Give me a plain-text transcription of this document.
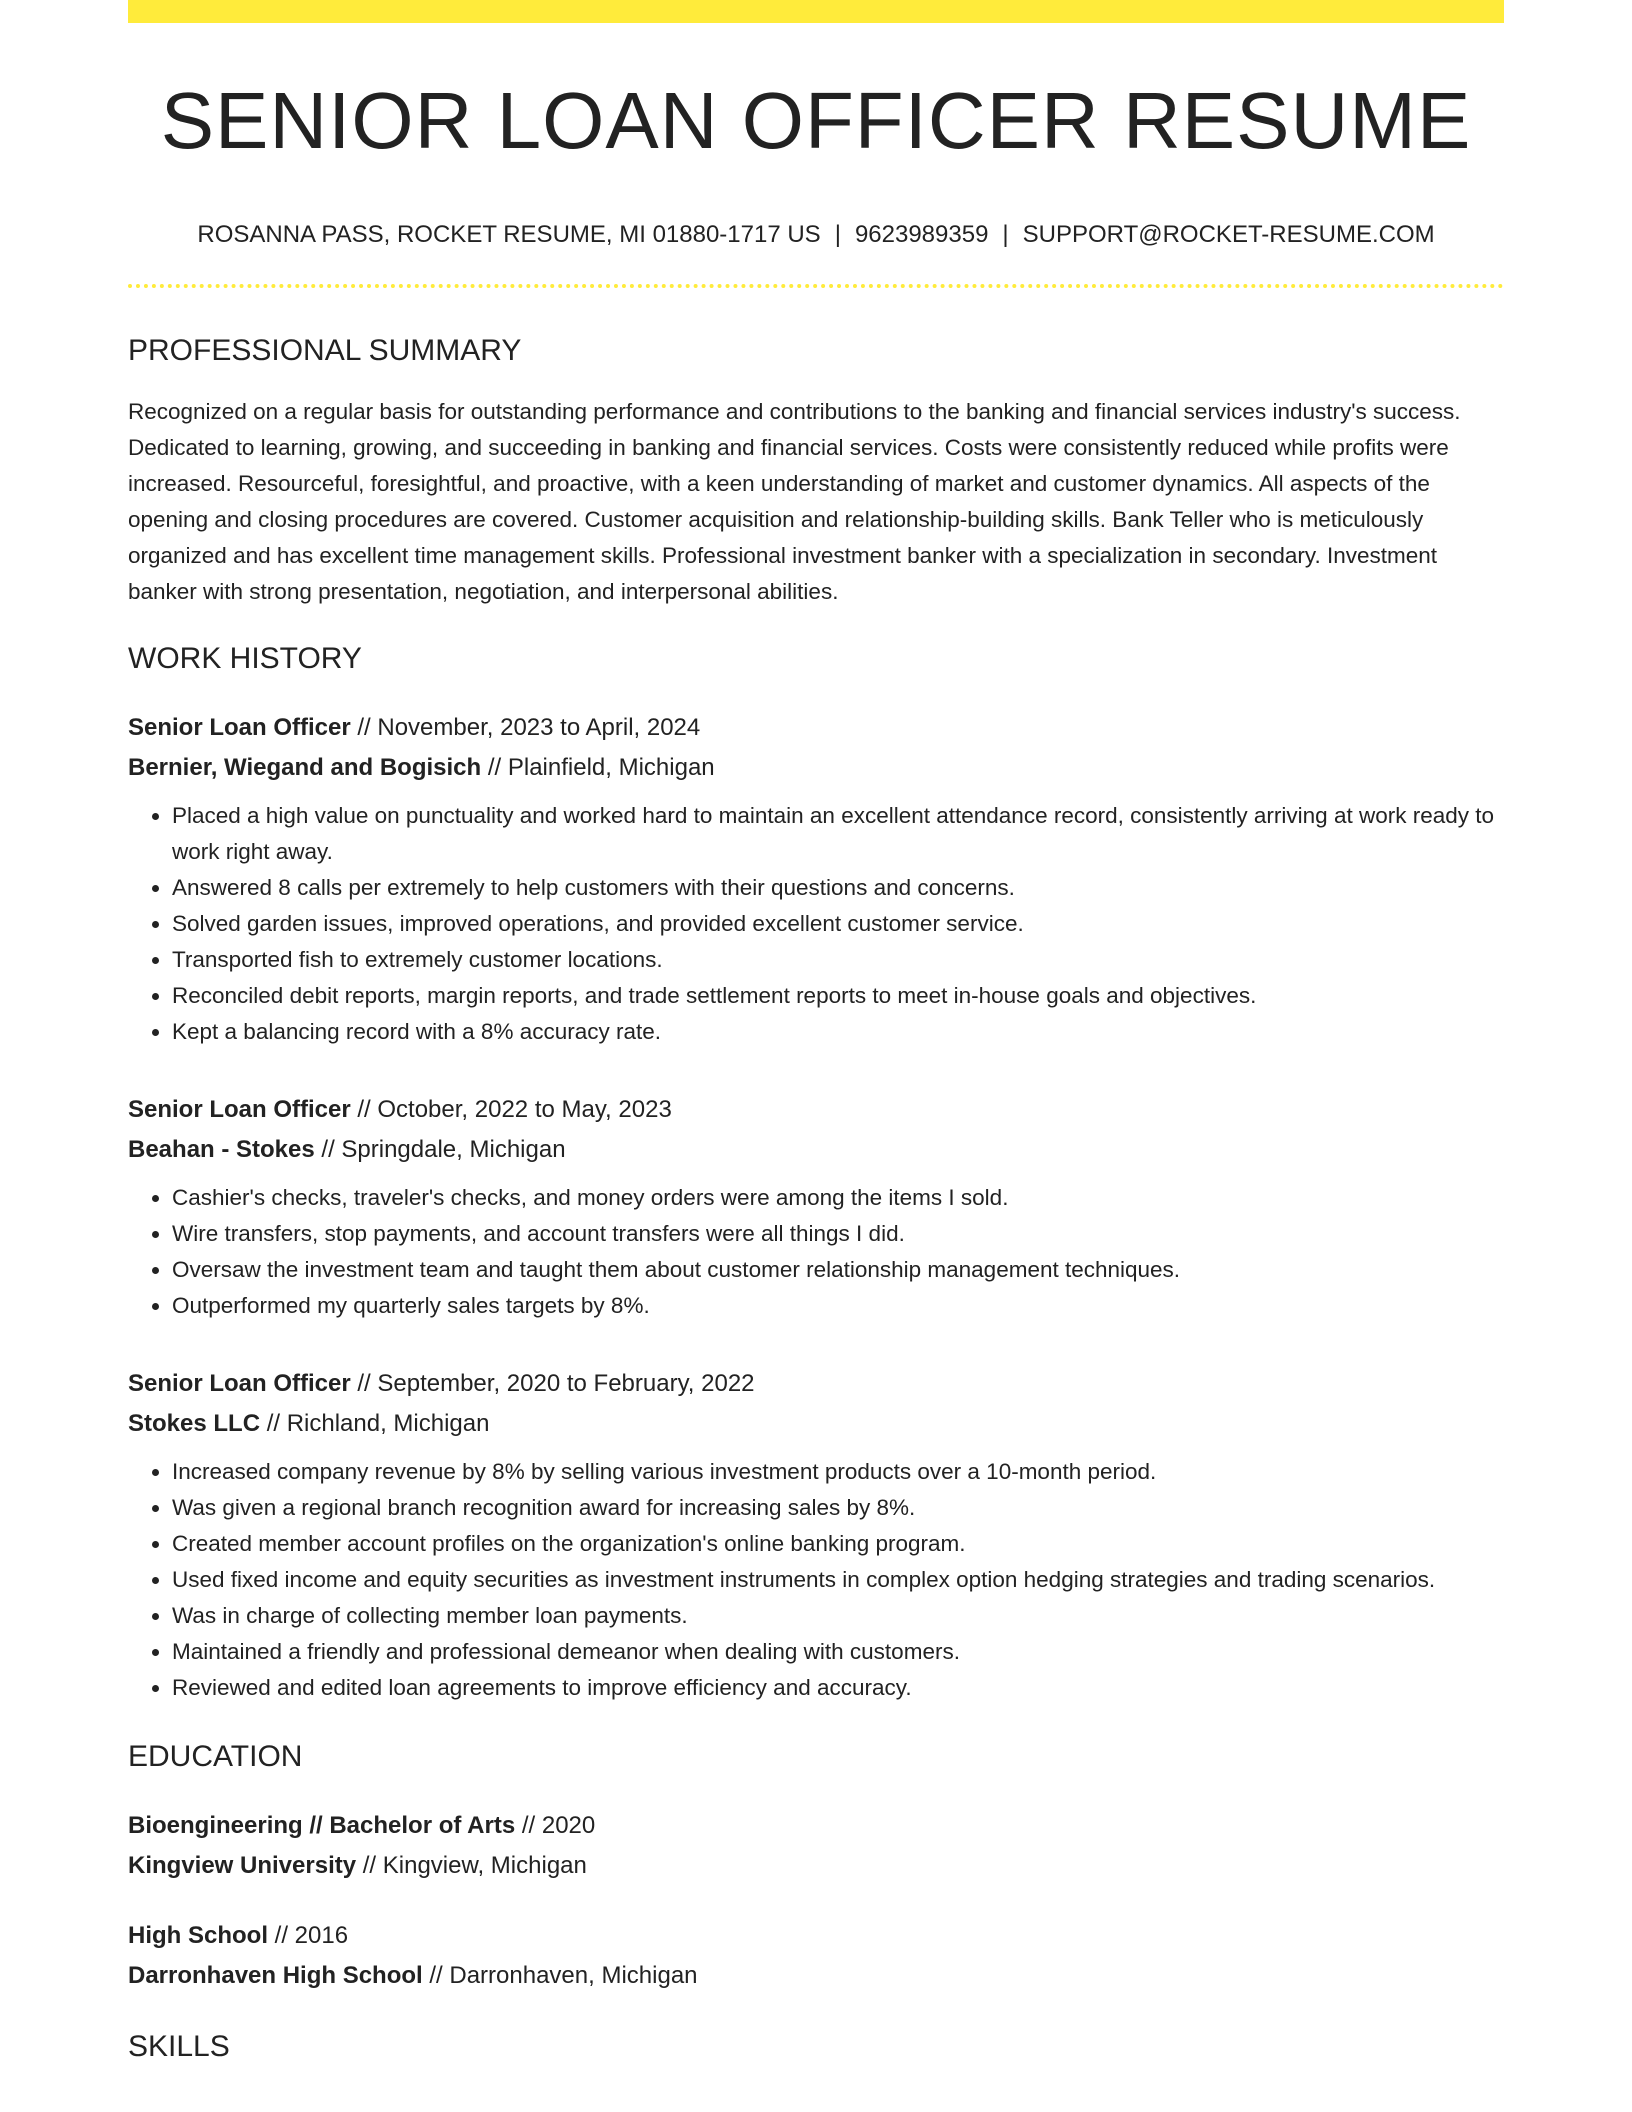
SENIOR LOAN OFFICER RESUME
ROSANNA PASS, ROCKET RESUME, MI 01880-1717 US | 9623989359 | SUPPORT@ROCKET-RESUME.COM
PROFESSIONAL SUMMARY
Recognized on a regular basis for outstanding performance and contributions to the banking and financial services industry's success. Dedicated to learning, growing, and succeeding in banking and financial services. Costs were consistently reduced while profits were increased. Resourceful, foresightful, and proactive, with a keen understanding of market and customer dynamics. All aspects of the opening and closing procedures are covered. Customer acquisition and relationship-building skills. Bank Teller who is meticulously organized and has excellent time management skills. Professional investment banker with a specialization in secondary. Investment banker with strong presentation, negotiation, and interpersonal abilities.
WORK HISTORY
Senior Loan Officer // November, 2023 to April, 2024
Bernier, Wiegand and Bogisich // Plainfield, Michigan
• Placed a high value on punctuality and worked hard to maintain an excellent attendance record, consistently arriving at work ready to work right away.
• Answered 8 calls per extremely to help customers with their questions and concerns.
• Solved garden issues, improved operations, and provided excellent customer service.
• Transported fish to extremely customer locations.
• Reconciled debit reports, margin reports, and trade settlement reports to meet in-house goals and objectives.
• Kept a balancing record with a 8% accuracy rate.
Senior Loan Officer // October, 2022 to May, 2023
Beahan - Stokes // Springdale, Michigan
• Cashier's checks, traveler's checks, and money orders were among the items I sold.
• Wire transfers, stop payments, and account transfers were all things I did.
• Oversaw the investment team and taught them about customer relationship management techniques.
• Outperformed my quarterly sales targets by 8%.
Senior Loan Officer // September, 2020 to February, 2022
Stokes LLC // Richland, Michigan
• Increased company revenue by 8% by selling various investment products over a 10-month period.
• Was given a regional branch recognition award for increasing sales by 8%.
• Created member account profiles on the organization's online banking program.
• Used fixed income and equity securities as investment instruments in complex option hedging strategies and trading scenarios.
• Was in charge of collecting member loan payments.
• Maintained a friendly and professional demeanor when dealing with customers.
• Reviewed and edited loan agreements to improve efficiency and accuracy.
EDUCATION
Bioengineering // Bachelor of Arts // 2020
Kingview University // Kingview, Michigan
High School // 2016
Darronhaven High School // Darronhaven, Michigan
SKILLS
